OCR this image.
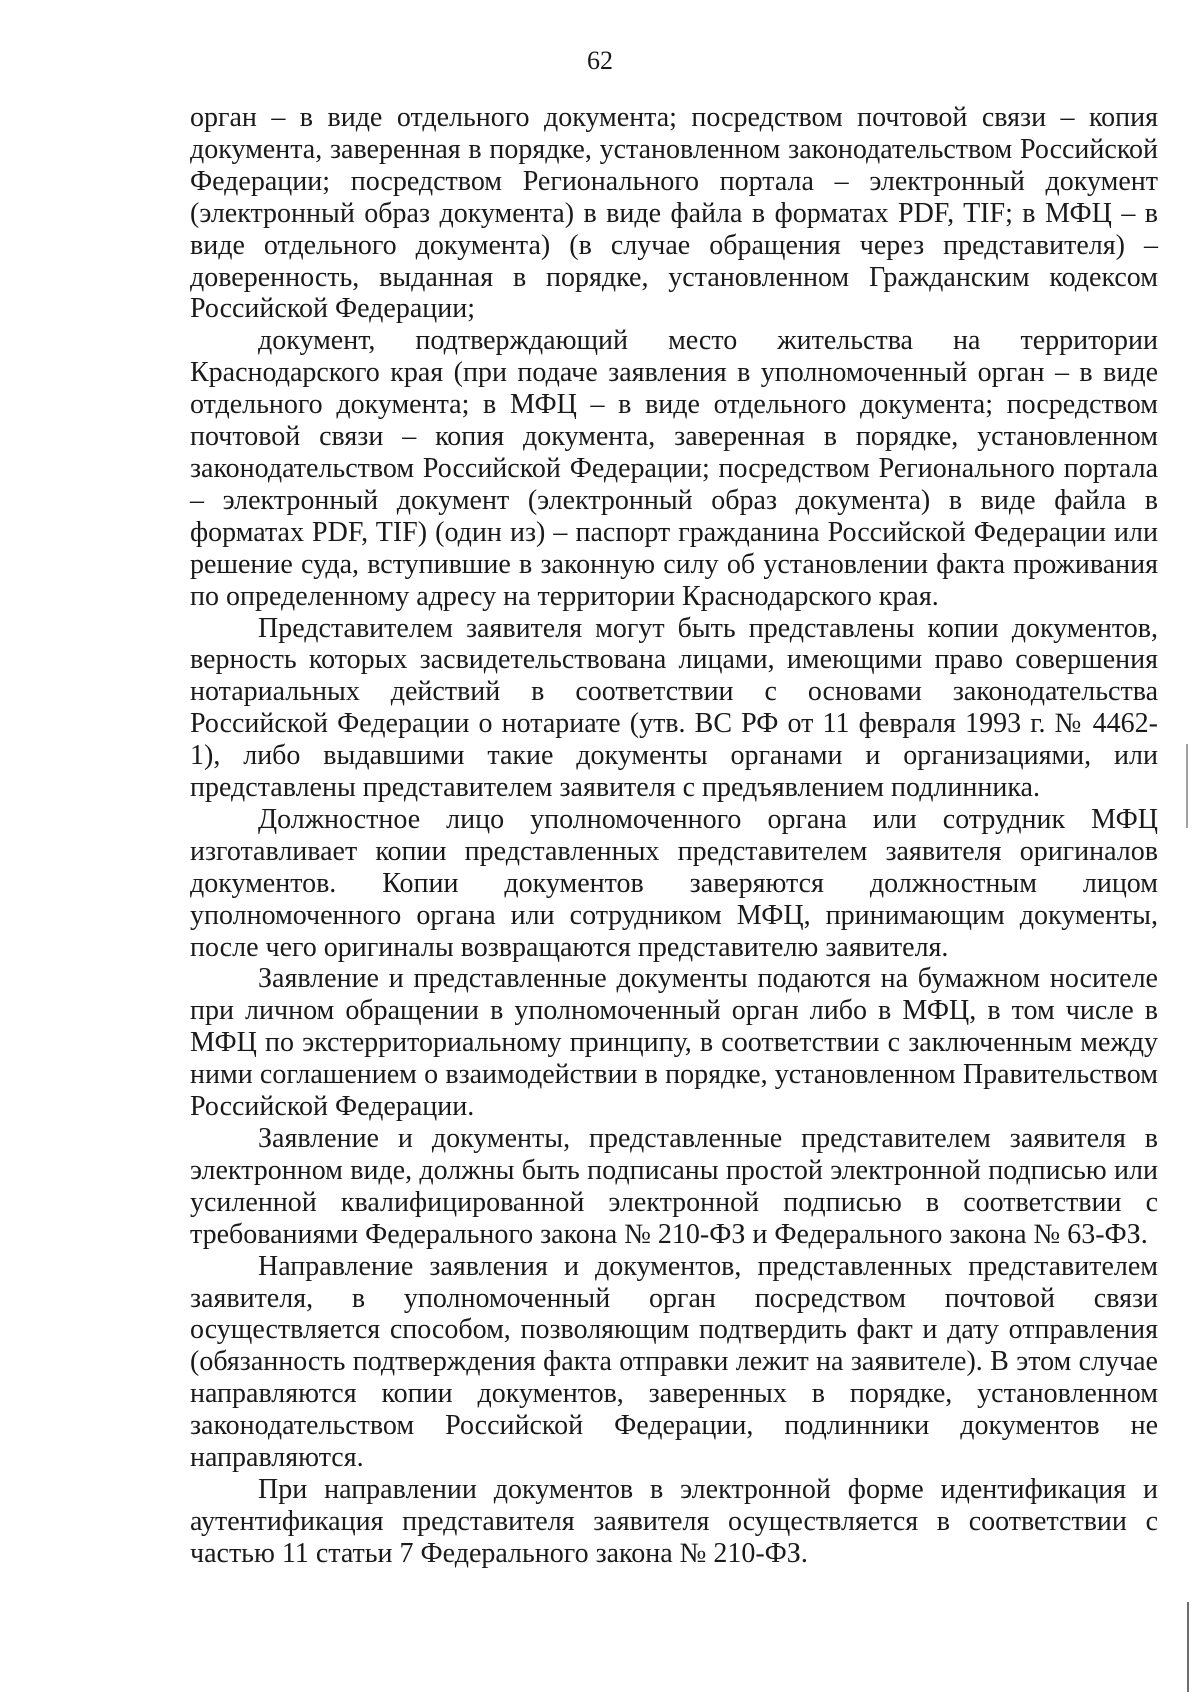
62

орган – в виде отдельного документа; посредством почтовой связи – копия документа, заверенная в порядке, установленном законодательством Российской Федерации; посредством Регионального портала – электронный документ (электронный образ документа) в виде файла в форматах PDF, TIF; в МФЦ – в виде отдельного документа) (в случае обращения через представителя) – доверенность, выданная в порядке, установленном Гражданским кодексом Российской Федерации;

документ, подтверждающий место жительства на территории Краснодарского края (при подаче заявления в уполномоченный орган – в виде отдельного документа; в МФЦ – в виде отдельного документа; посредством почтовой связи – копия документа, заверенная в порядке, установленном законодательством Российской Федерации; посредством Регионального портала – электронный документ (электронный образ документа) в виде файла в форматах PDF, TIF) (один из) – паспорт гражданина Российской Федерации или решение суда, вступившие в законную силу об установлении факта проживания по определенному адресу на территории Краснодарского края.

Представителем заявителя могут быть представлены копии документов, верность которых засвидетельствована лицами, имеющими право совершения нотариальных действий в соответствии с основами законодательства Российской Федерации о нотариате (утв. ВС РФ от 11 февраля 1993 г. № 4462-1), либо выдавшими такие документы органами и организациями, или представлены представителем заявителя с предъявлением подлинника.

Должностное лицо уполномоченного органа или сотрудник МФЦ изготавливает копии представленных представителем заявителя оригиналов документов. Копии документов заверяются должностным лицом уполномоченного органа или сотрудником МФЦ, принимающим документы, после чего оригиналы возвращаются представителю заявителя.

Заявление и представленные документы подаются на бумажном носителе при личном обращении в уполномоченный орган либо в МФЦ, в том числе в МФЦ по экстерриториальному принципу, в соответствии с заключенным между ними соглашением о взаимодействии в порядке, установленном Правительством Российской Федерации.

Заявление и документы, представленные представителем заявителя в электронном виде, должны быть подписаны простой электронной подписью или усиленной квалифицированной электронной подписью в соответствии с требованиями Федерального закона № 210-ФЗ и Федерального закона № 63-ФЗ.

Направление заявления и документов, представленных представителем заявителя, в уполномоченный орган посредством почтовой связи осуществляется способом, позволяющим подтвердить факт и дату отправления (обязанность подтверждения факта отправки лежит на заявителе). В этом случае направляются копии документов, заверенных в порядке, установленном законодательством Российской Федерации, подлинники документов не направляются.

При направлении документов в электронной форме идентификация и аутентификация представителя заявителя осуществляется в соответствии с частью 11 статьи 7 Федерального закона № 210-ФЗ.
